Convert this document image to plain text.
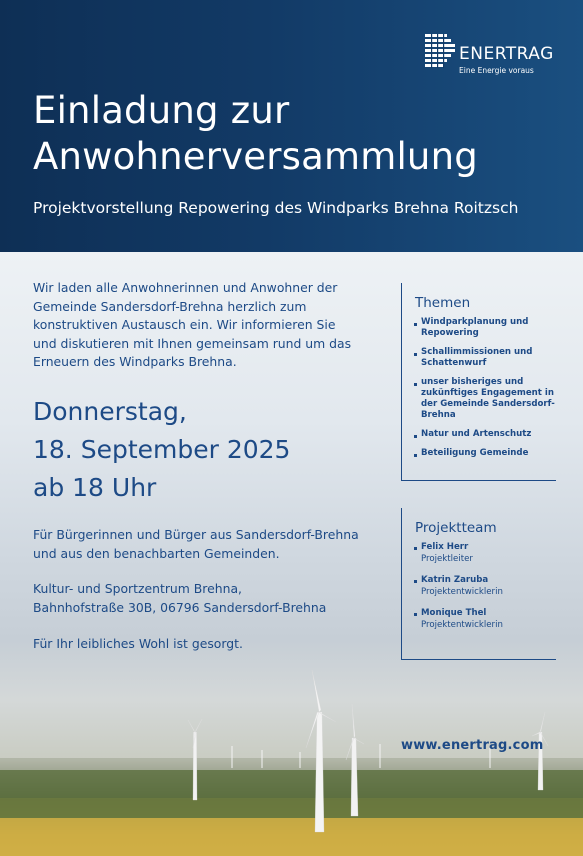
ENERTRAG
Eine Energie voraus
Einladung zur
Anwohnerversammlung
Projektvorstellung Repowering des Windparks Brehna Roitzsch

Wir laden alle Anwohnerinnen und Anwohner der Gemeinde Sandersdorf-Brehna herzlich zum konstruktiven Austausch ein. Wir informieren Sie und diskutieren mit Ihnen gemeinsam rund um das Erneuern des Windparks Brehna.

Donnerstag,
18. September 2025
ab 18 Uhr

Für Bürgerinnen und Bürger aus Sandersdorf-Brehna und aus den benachbarten Gemeinden.

Kultur- und Sportzentrum Brehna,
Bahnhofstraße 30B, 06796 Sandersdorf-Brehna

Für Ihr leibliches Wohl ist gesorgt.

Themen
Windparkplanung und Repowering
Schallimmissionen und Schattenwurf
unser bisheriges und zukünftiges Engagement in der Gemeinde Sandersdorf-Brehna
Natur und Artenschutz
Beteiligung Gemeinde
Projektteam
Felix Herr
Projektleiter
Katrin Zaruba
Projektentwicklerin
Monique Thel
Projektentwicklerin
www.enertrag.com
